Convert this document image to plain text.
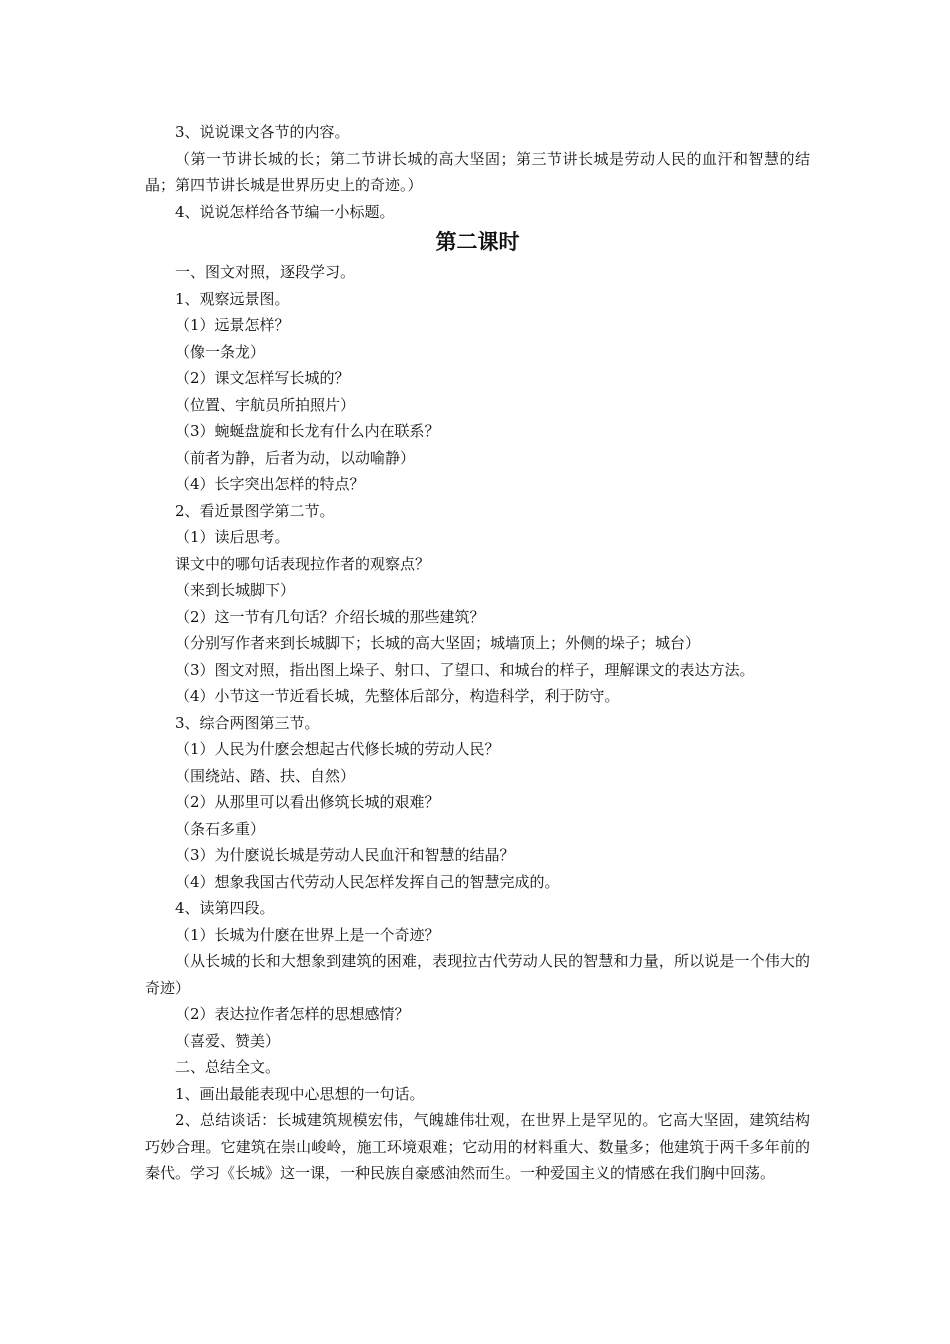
3、说说课文各节的内容。

（第一节讲长城的长；第二节讲长城的高大坚固；第三节讲长城是劳动人民的血汗和智慧的结晶；第四节讲长城是世界历史上的奇迹。）

4、说说怎样给各节编一小标题。

第二课时

一、图文对照，逐段学习。

1、观察远景图。

（1）远景怎样？

（像一条龙）

（2）课文怎样写长城的？

（位置、宇航员所拍照片）

（3）蜿蜒盘旋和长龙有什么内在联系？

（前者为静，后者为动，以动喻静）

（4）长字突出怎样的特点？

2、看近景图学第二节。

（1）读后思考。

课文中的哪句话表现拉作者的观察点？

（来到长城脚下）

（2）这一节有几句话？介绍长城的那些建筑？

（分别写作者来到长城脚下；长城的高大坚固；城墙顶上；外侧的垛子；城台）

（3）图文对照，指出图上垛子、射口、了望口、和城台的样子，理解课文的表达方法。

（4）小节这一节近看长城，先整体后部分，构造科学，利于防守。

3、综合两图第三节。

（1）人民为什麽会想起古代修长城的劳动人民？

（围绕站、踏、扶、自然）

（2）从那里可以看出修筑长城的艰难？

（条石多重）

（3）为什麽说长城是劳动人民血汗和智慧的结晶？

（4）想象我国古代劳动人民怎样发挥自己的智慧完成的。

4、读第四段。

（1）长城为什麽在世界上是一个奇迹？

（从长城的长和大想象到建筑的困难，表现拉古代劳动人民的智慧和力量，所以说是一个伟大的奇迹）

（2）表达拉作者怎样的思想感情？

（喜爱、赞美）

二、总结全文。

1、画出最能表现中心思想的一句话。

2、总结谈话：长城建筑规模宏伟，气魄雄伟壮观，在世界上是罕见的。它高大坚固，建筑结构巧妙合理。它建筑在崇山峻岭，施工环境艰难；它动用的材料重大、数量多；他建筑于两千多年前的秦代。学习《长城》这一课，一种民族自豪感油然而生。一种爱国主义的情感在我们胸中回荡。
